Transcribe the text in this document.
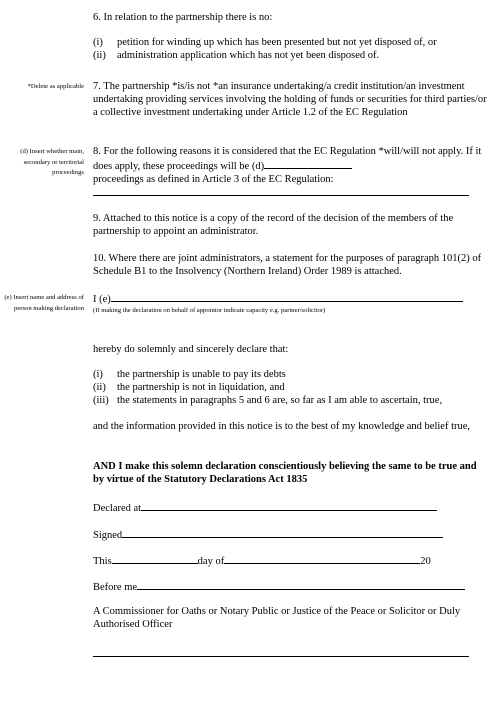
6. In relation to the partnership there is no:
(i) petition for winding up which has been presented but not yet disposed of, or
(ii) administration application which has not yet been disposed of.
*Delete as applicable 7. The partnership *is/is not *an insurance undertaking/a credit institution/an investment undertaking providing services involving the holding of funds or securities for third parties/or a collective investment undertaking under Article 1.2 of the EC Regulation
(d) Insert whether main, secondary or territorial proceedings
8. For the following reasons it is considered that the EC Regulation *will/will not apply. If it does apply, these proceedings will be (d)
proceedings as defined in Article 3 of the EC Regulation:
9. Attached to this notice is a copy of the record of the decision of the members of the partnership to appoint an administrator.
10. Where there are joint administrators, a statement for the purposes of paragraph 101(2) of Schedule B1 to the Insolvency (Northern Ireland) Order 1989 is attached.
(e) Insert name and address of person making declaration
I (e)
(If making the declaration on behalf of appointor indicate capacity e.g. partner/solicitor)
hereby do solemnly and sincerely declare that:
(i) the partnership is unable to pay its debts
(ii) the partnership is not in liquidation, and
(iii) the statements in paragraphs 5 and 6 are, so far as I am able to ascertain, true,
and the information provided in this notice is to the best of my knowledge and belief true,
AND I make this solemn declaration conscientiously believing the same to be true and by virtue of the Statutory Declarations Act 1835
Declared at
Signed
This	day of	20
Before me
A Commissioner for Oaths or Notary Public or Justice of the Peace or Solicitor or Duly Authorised Officer
